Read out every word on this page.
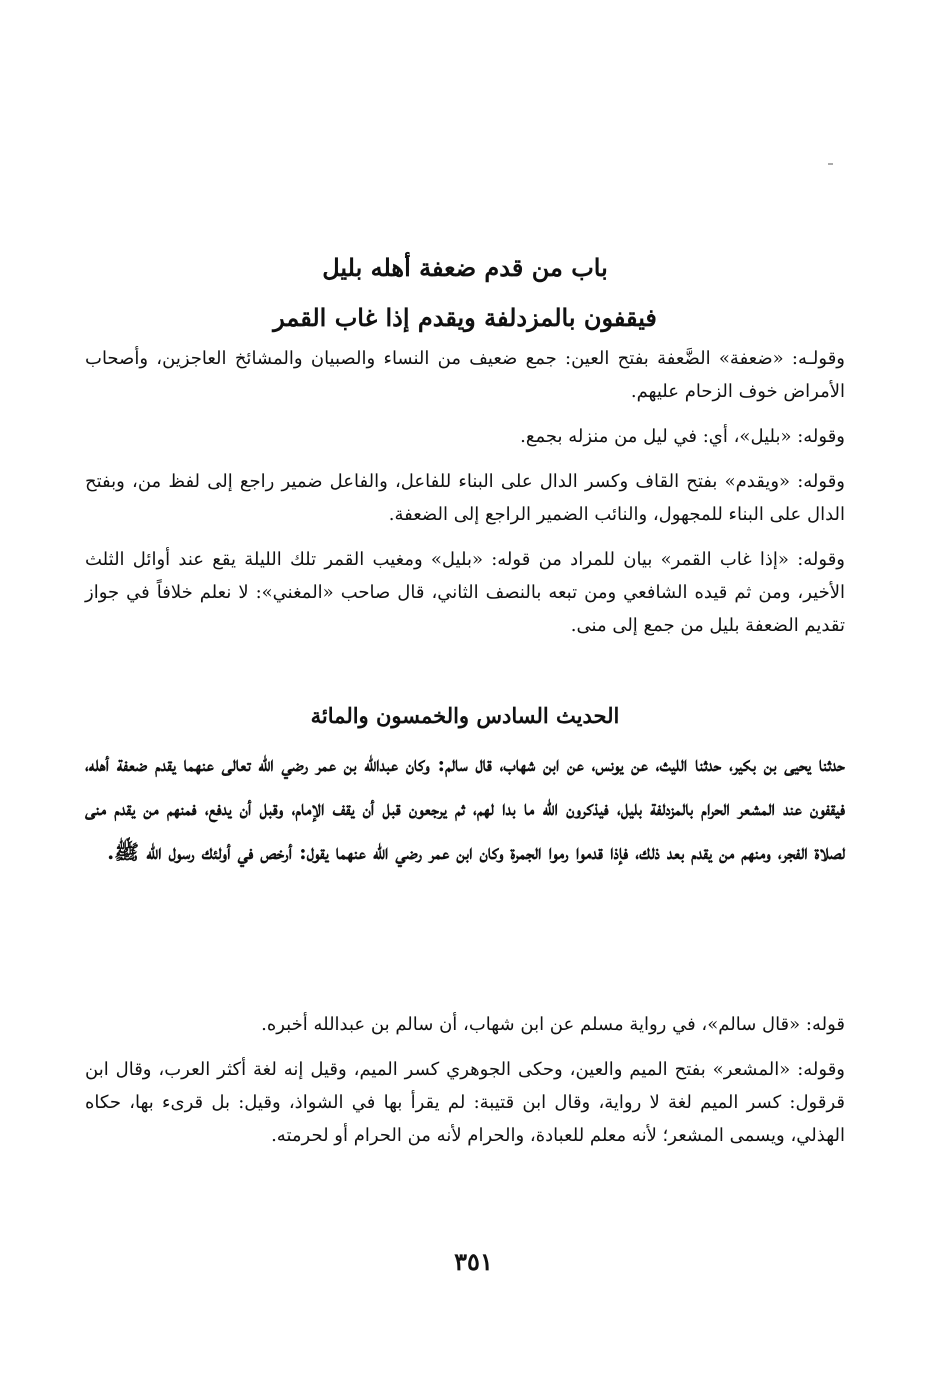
باب من قدم ضعفة أهله بليل
فيقفون بالمزدلفة ويقدم إذا غاب القمر

وقولـه: «ضعفة» الضَّعفة بفتح العين: جمع ضعيف من النساء والصبيان والمشائخ العاجزين، وأصحاب الأمراض خوف الزحام عليهم.

وقوله: «بليل»، أي: في ليل من منزله بجمع.

وقوله: «ويقدم» بفتح القاف وكسر الدال على البناء للفاعل، والفاعل ضمير راجع إلى لفظ من، وبفتح الدال على البناء للمجهول، والنائب الضمير الراجع إلى الضعفة.

وقوله: «إذا غاب القمر» بيان للمراد من قوله: «بليل» ومغيب القمر تلك الليلة يقع عند أوائل الثلث الأخير، ومن ثم قيده الشافعي ومن تبعه بالنصف الثاني، قال صاحب «المغني»: لا نعلم خلافاً في جواز تقديم الضعفة بليل من جمع إلى منى.

الحديث السادس والخمسون والمائة

حدثنا يحيى بن بكير، حدثنا الليث، عن يونس، عن ابن شهاب، قال سالم: وكان عبدالله بن عمر رضي الله تعالى عنهما يقدم ضعفة أهله، فيقفون عند المشعر الحرام بالمزدلفة بليل، فيذكرون الله ما بدا لهم، ثم يرجعون قبل أن يقف الإمام، وقبل أن يدفع، فمنهم من يقدم منى لصلاة الفجر، ومنهم من يقدم بعد ذلك، فإذا قدموا رموا الجمرة وكان ابن عمر رضي الله عنهما يقول: أرخص في أولئك رسول الله ﷺ.

قوله: «قال سالم»، في رواية مسلم عن ابن شهاب، أن سالم بن عبدالله أخبره.

وقوله: «المشعر» بفتح الميم والعين، وحكى الجوهري كسر الميم، وقيل إنه لغة أكثر العرب، وقال ابن قرقول: كسر الميم لغة لا رواية، وقال ابن قتيبة: لم يقرأ بها في الشواذ، وقيل: بل قرىء بها، حكاه الهذلي، ويسمى المشعر؛ لأنه معلم للعبادة، والحرام لأنه من الحرام أو لحرمته.

٣٥١
